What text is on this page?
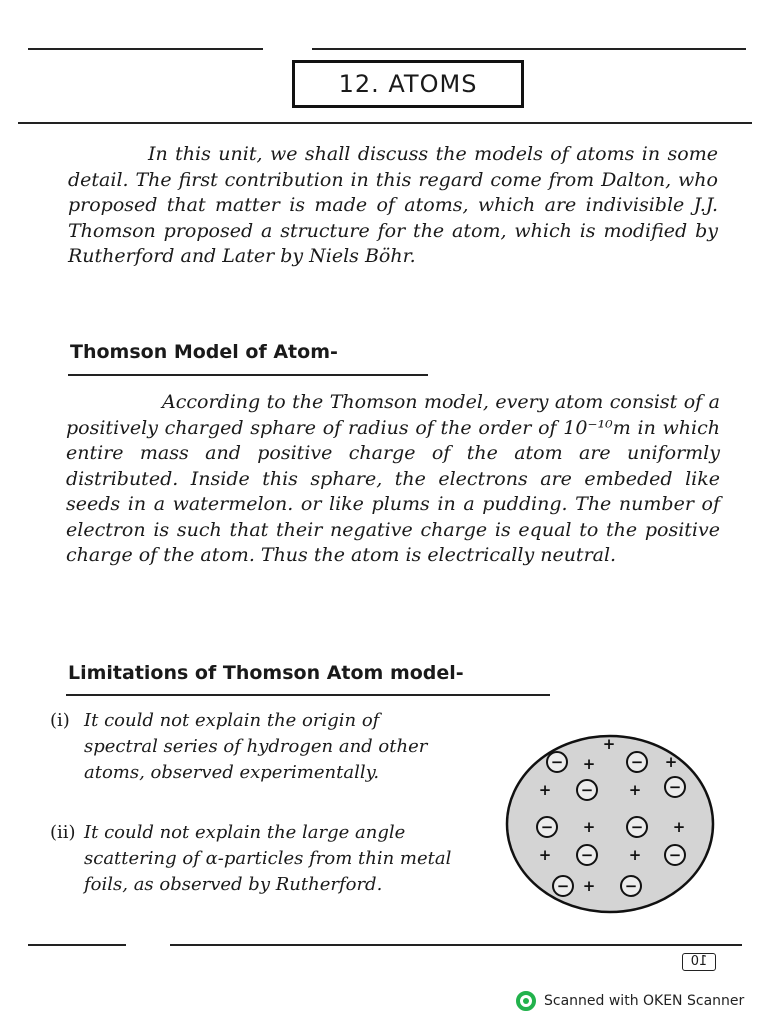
12. ATOMS

In this unit, we shall discuss the models of atoms in some detail. The first contribution in this regard come from Dalton, who proposed that matter is made of atoms, which are indivisible J.J. Thomson proposed a structure for the atom, which is modified by Rutherford and Later by Niels Böhr.

Thomson Model of Atom-

According to the Thomson model, every atom consist of a positively charged sphare of radius of the order of 10⁻¹⁰m in which entire mass and positive charge of the atom are uniformly distributed. Inside this sphare, the electrons are embeded like seeds in a watermelon. or like plums in a pudding. The number of electron is such that their negative charge is equal to the positive charge of the atom. Thus the atom is electrically neutral.

Limitations of Thomson Atom model-
(i) It could not explain the origin of spectral series of hydrogen and other atoms, observed experimentally.
(ii) It could not explain the large angle scattering of α-particles from thin metal foils, as observed by Rutherford.
−	−
−	−
−	−
−	−
−	−
+
+	+
+	+
+	+
+	+
+
10
Scanned with OKEN Scanner
